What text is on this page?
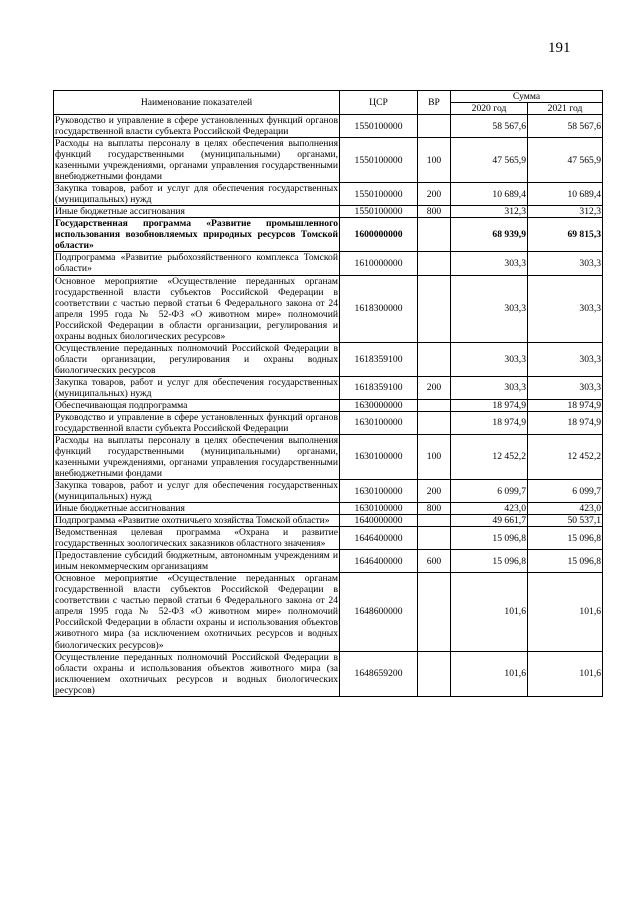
191
Наименование показателей	ЦСР	ВР	Сумма	
			2020 год	2021 год
Руководство и управление в сфере установленных функций органов государственной власти субъекта Российской Федерации	1550100000		58 567,6	58 567,6
Расходы на выплаты персоналу в целях обеспечения выполнения функций государственными (муниципальными) органами, казенными учреждениями, органами управления государственными внебюджетными фондами	1550100000	100	47 565,9	47 565,9
Закупка товаров, работ и услуг для обеспечения государственных (муниципальных) нужд	1550100000	200	10 689,4	10 689,4
Иные бюджетные ассигнования	1550100000	800	312,3	312,3
Государственная программа «Развитие промышленного использования возобновляемых природных ресурсов Томской области»	1600000000		68 939,9	69 815,3
Подпрограмма «Развитие рыбохозяйственного комплекса Томской области»	1610000000		303,3	303,3
Основное мероприятие «Осуществление переданных органам государственной власти субъектов Российской Федерации в соответствии с частью первой статьи 6 Федерального закона от 24 апреля 1995 года № 52-ФЗ «О животном мире» полномочий Российской Федерации в области организации, регулирования и охраны водных биологических ресурсов»	1618300000		303,3	303,3
Осуществление переданных полномочий Российской Федерации в области организации, регулирования и охраны водных биологических ресурсов	1618359100		303,3	303,3
Закупка товаров, работ и услуг для обеспечения государственных (муниципальных) нужд	1618359100	200	303,3	303,3
Обеспечивающая подпрограмма	1630000000		18 974,9	18 974,9
Руководство и управление в сфере установленных функций органов государственной власти субъекта Российской Федерации	1630100000		18 974,9	18 974,9
Расходы на выплаты персоналу в целях обеспечения выполнения функций государственными (муниципальными) органами, казенными учреждениями, органами управления государственными внебюджетными фондами	1630100000	100	12 452,2	12 452,2
Закупка товаров, работ и услуг для обеспечения государственных (муниципальных) нужд	1630100000	200	6 099,7	6 099,7
Иные бюджетные ассигнования	1630100000	800	423,0	423,0
Подпрограмма «Развитие охотничьего хозяйства Томской области»	1640000000		49 661,7	50 537,1
Ведомственная целевая программа «Охрана и развитие государственных зоологических заказников областного значения»	1646400000		15 096,8	15 096,8
Предоставление субсидий бюджетным, автономным учреждениям и иным некоммерческим организациям	1646400000	600	15 096,8	15 096,8
Основное мероприятие «Осуществление переданных органам государственной власти субъектов Российской Федерации в соответствии с частью первой статьи 6 Федерального закона от 24 апреля 1995 года № 52-ФЗ «О животном мире» полномочий Российской Федерации в области охраны и использования объектов животного мира (за исключением охотничьих ресурсов и водных биологических ресурсов)»	1648600000		101,6	101,6
Осуществление переданных полномочий Российской Федерации в области охраны и использования объектов животного мира (за исключением охотничьих ресурсов и водных биологических ресурсов)	1648659200		101,6	101,6
